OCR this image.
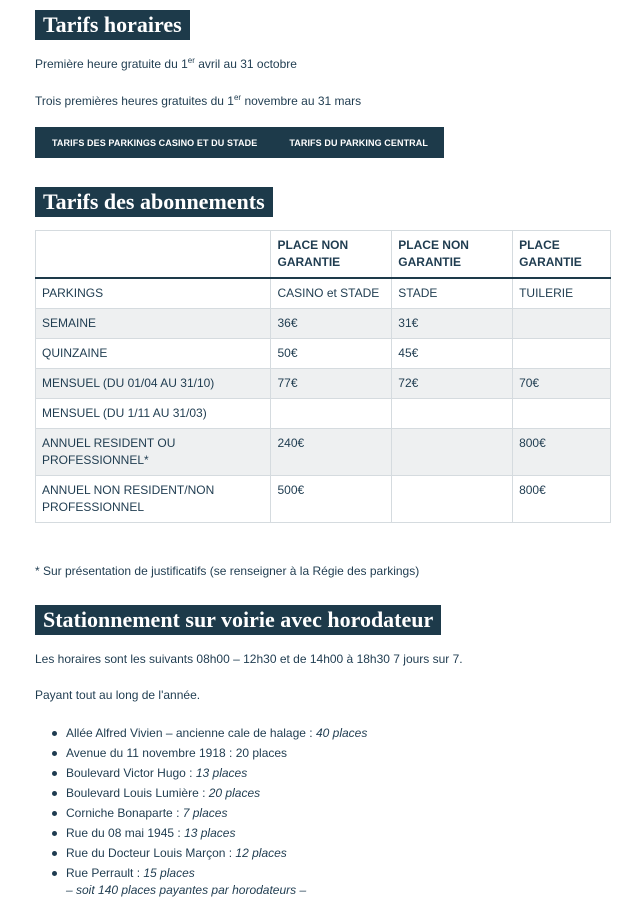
Tarifs horaires

Première heure gratuite du 1er avril au 31 octobre

Trois premières heures gratuites du 1er novembre au 31 mars

TARIFS DES PARKINGS CASINO ET DU STADE	TARIFS DU PARKING CENTRAL
Tarifs des abonnements
	PLACE NON GARANTIE	PLACE NON GARANTIE	PLACE GARANTIE
PARKINGS	CASINO et STADE	STADE	TUILERIE
SEMAINE	36€	31€	
QUINZAINE	50€	45€	
MENSUEL (DU 01/04 AU 31/10)	77€	72€	70€
MENSUEL (DU 1/11 AU 31/03)			
ANNUEL RESIDENT OU PROFESSIONNEL*	240€		800€
ANNUEL NON RESIDENT/NON PROFESSIONNEL	500€		800€

* Sur présentation de justificatifs (se renseigner à la Régie des parkings)

Stationnement sur voirie avec horodateur

Les horaires sont les suivants 08h00 – 12h30 et de 14h00 à 18h30 7 jours sur 7.

Payant tout au long de l'année.

Allée Alfred Vivien – ancienne cale de halage : 40 places
Avenue du 11 novembre 1918 : 20 places
Boulevard Victor Hugo : 13 places
Boulevard Louis Lumière : 20 places
Corniche Bonaparte : 7 places
Rue du 08 mai 1945 : 13 places
Rue du Docteur Louis Marçon : 12 places
Rue Perrault : 15 places
– soit 140 places payantes par horodateurs –
